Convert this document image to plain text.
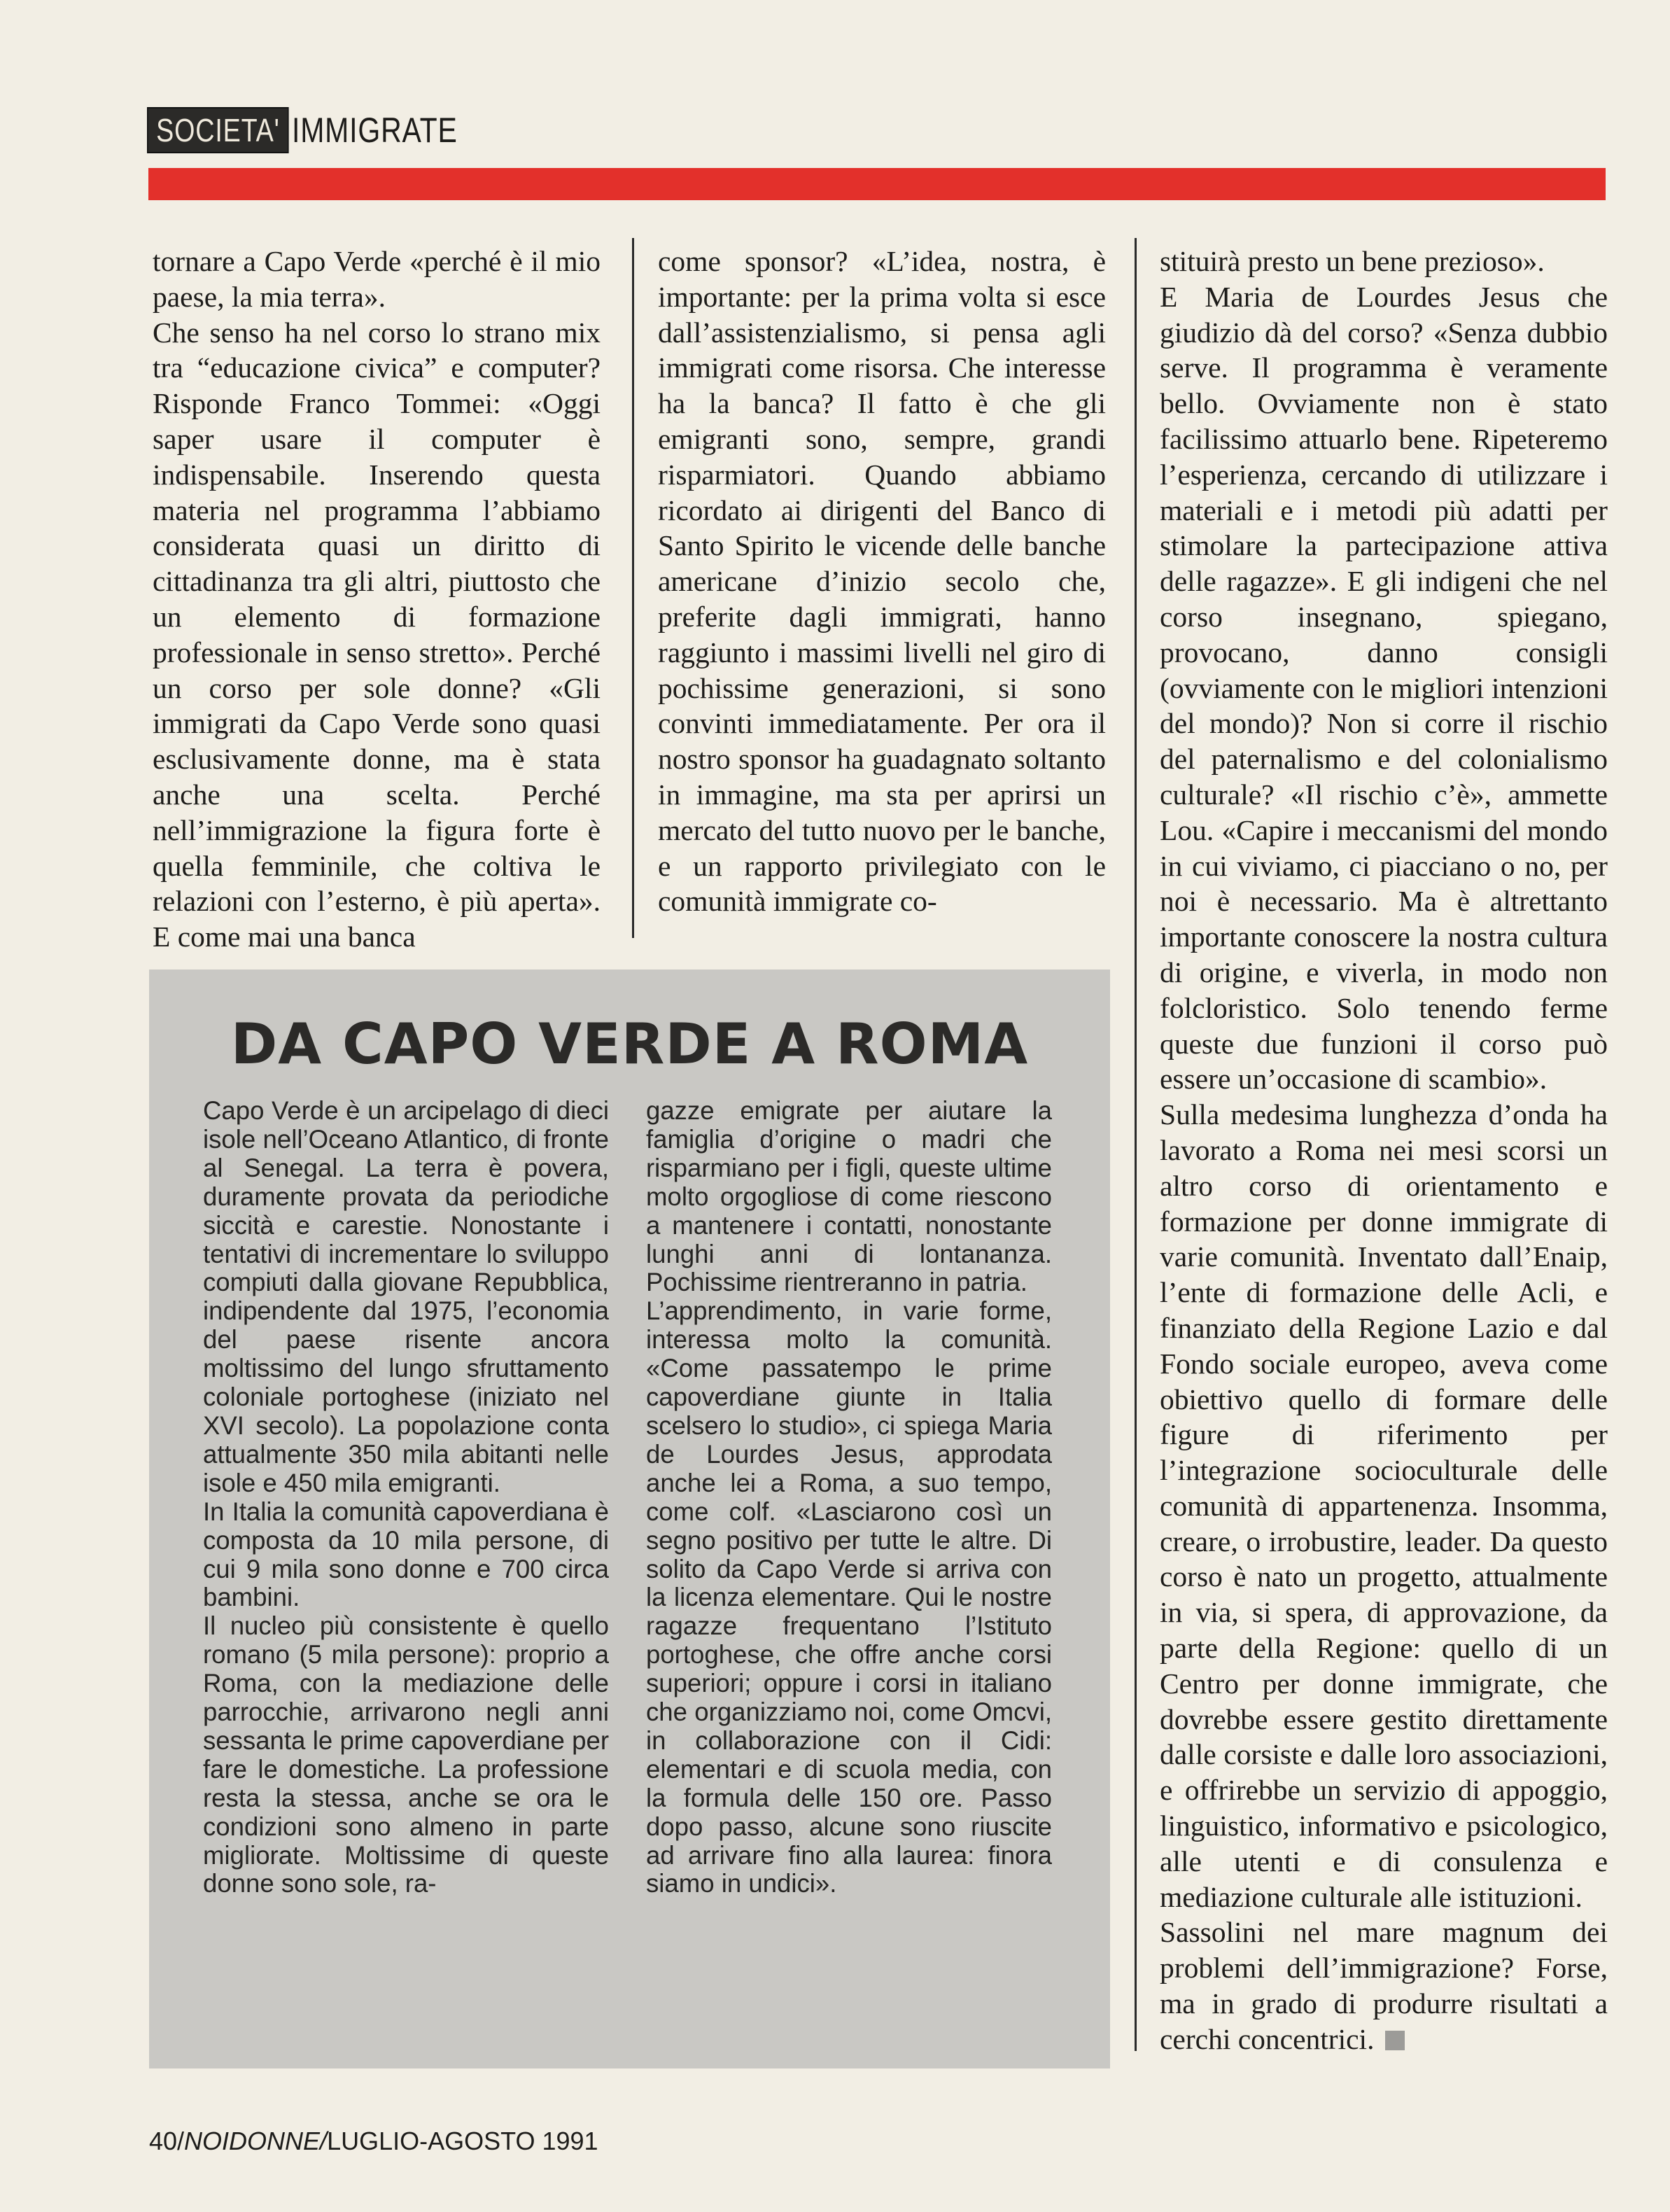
SOCIETA' IMMIGRATE

tornare a Capo Verde «perché è il mio paese, la mia terra».

Che senso ha nel corso lo strano mix tra “educazione civica” e computer? Risponde Franco Tommei: «Oggi saper usare il computer è indispensabile. Inserendo questa materia nel programma l’abbiamo considerata quasi un diritto di cittadinanza tra gli altri, piuttosto che un elemento di formazione professionale in senso stretto». Perché un corso per sole donne? «Gli immigrati da Capo Verde sono quasi esclusivamente donne, ma è stata anche una scelta. Perché nell’immigrazione la figura forte è quella femminile, che coltiva le relazioni con l’esterno, è più aperta». E come mai una banca

come sponsor? «L’idea, nostra, è importante: per la prima volta si esce dall’assistenzialismo, si pensa agli immigrati come risorsa. Che interesse ha la banca? Il fatto è che gli emigranti sono, sempre, grandi risparmiatori. Quando abbiamo ricordato ai dirigenti del Banco di Santo Spirito le vicende delle banche americane d’inizio secolo che, preferite dagli immigrati, hanno raggiunto i massimi livelli nel giro di pochissime generazioni, si sono convinti immediatamente. Per ora il nostro sponsor ha guadagnato soltanto in immagine, ma sta per aprirsi un mercato del tutto nuovo per le banche, e un rapporto privilegiato con le comunità immigrate co-

stituirà presto un bene prezioso».

E Maria de Lourdes Jesus che giudizio dà del corso? «Senza dubbio serve. Il programma è veramente bello. Ovviamente non è stato facilissimo attuarlo bene. Ripeteremo l’esperienza, cercando di utilizzare i materiali e i metodi più adatti per stimolare la partecipazione attiva delle ragazze». E gli indigeni che nel corso insegnano, spiegano, provocano, danno consigli (ovviamente con le migliori intenzioni del mondo)? Non si corre il rischio del paternalismo e del colonialismo culturale? «Il rischio c’è», ammette Lou. «Capire i meccanismi del mondo in cui viviamo, ci piacciano o no, per noi è necessario. Ma è altrettanto importante conoscere la nostra cultura di origine, e viverla, in modo non folcloristico. Solo tenendo ferme queste due funzioni il corso può essere un’occasione di scambio».

Sulla medesima lunghezza d’onda ha lavorato a Roma nei mesi scorsi un altro corso di orientamento e formazione per donne immigrate di varie comunità. Inventato dall’Enaip, l’ente di formazione delle Acli, e finanziato della Regione Lazio e dal Fondo sociale europeo, aveva come obiettivo quello di formare delle figure di riferimento per l’integrazione socioculturale delle comunità di appartenenza. Insomma, creare, o irrobustire, leader. Da questo corso è nato un progetto, attualmente in via, si spera, di approvazione, da parte della Regione: quello di un Centro per donne immigrate, che dovrebbe essere gestito direttamente dalle corsiste e dalle loro associazioni, e offrirebbe un servizio di appoggio, linguistico, informativo e psicologico, alle utenti e di consulenza e mediazione culturale alle istituzioni.

Sassolini nel mare magnum dei problemi dell’immigrazione? Forse, ma in grado di produrre risultati a cerchi concentrici.

DA CAPO VERDE A ROMA

Capo Verde è un arcipelago di dieci isole nell’Oceano Atlantico, di fronte al Senegal. La terra è povera, duramente provata da periodiche siccità e carestie. Nonostante i tentativi di incrementare lo sviluppo compiuti dalla giovane Repubblica, indipendente dal 1975, l’economia del paese risente ancora moltissimo del lungo sfruttamento coloniale portoghese (iniziato nel XVI secolo). La popolazione conta attualmente 350 mila abitanti nelle isole e 450 mila emigranti.

In Italia la comunità capoverdiana è composta da 10 mila persone, di cui 9 mila sono donne e 700 circa bambini.

Il nucleo più consistente è quello romano (5 mila persone): proprio a Roma, con la mediazione delle parrocchie, arrivarono negli anni sessanta le prime capoverdiane per fare le domestiche. La professione resta la stessa, anche se ora le condizioni sono almeno in parte migliorate. Moltissime di queste donne sono sole, ra-

gazze emigrate per aiutare la famiglia d’origine o madri che risparmiano per i figli, queste ultime molto orgogliose di come riescono a mantenere i contatti, nonostante lunghi anni di lontananza. Pochissime rientreranno in patria.

L’apprendimento, in varie forme, interessa molto la comunità. «Come passatempo le prime capoverdiane giunte in Italia scelsero lo studio», ci spiega Maria de Lourdes Jesus, approdata anche lei a Roma, a suo tempo, come colf. «Lasciarono così un segno positivo per tutte le altre. Di solito da Capo Verde si arriva con la licenza elementare. Qui le nostre ragazze frequentano l’Istituto portoghese, che offre anche corsi superiori; oppure i corsi in italiano che organizziamo noi, come Omcvi, in collaborazione con il Cidi: elementari e di scuola media, con la formula delle 150 ore. Passo dopo passo, alcune sono riuscite ad arrivare fino alla laurea: finora siamo in undici».

40/NOIDONNE/LUGLIO-AGOSTO 1991
